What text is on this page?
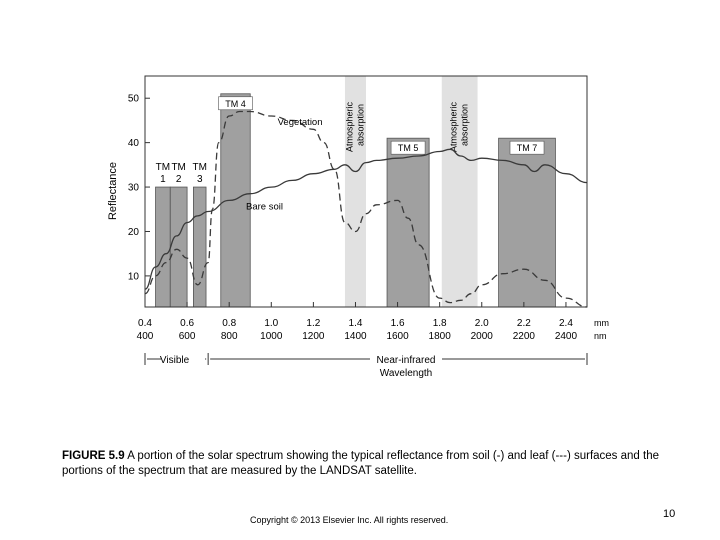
Atmospheric absorption	Atmospheric absorption
TM
1
TM
2
TM
3
TM 4
TM 5	TM 7
10
20
30
40
50
Reflectance
0.4
400
0.6
600
0.8
800
1.0
1000
1.2
1200
1.4
1400
1.6
1600
1.8
1800
2.0
2000
2.2
2200
2.4
2400
mm
nm
Visible	Near-infrared
Wavelength
Vegetation
Bare soil
FIGURE 5.9 A portion of the solar spectrum showing the typical reflectance from soil (-) and leaf (---) surfaces and the portions of the spectrum that are measured by the LANDSAT satellite.
Copyright © 2013 Elsevier Inc. All rights reserved.	10
